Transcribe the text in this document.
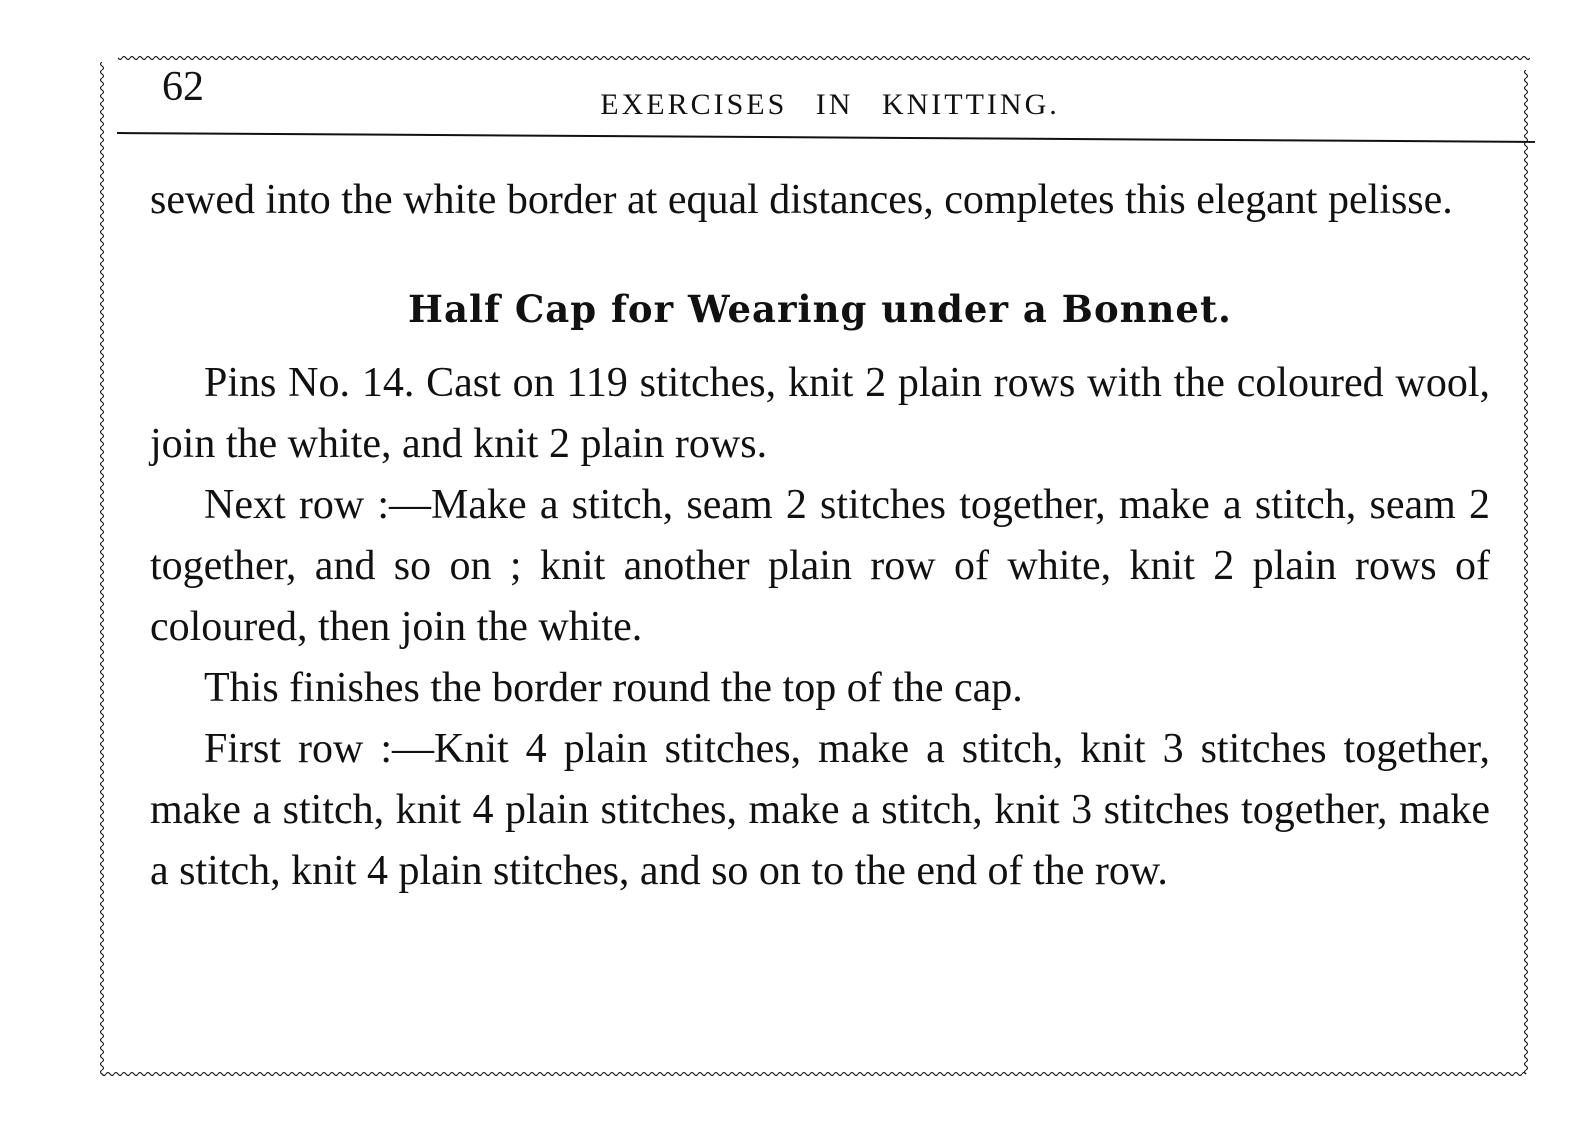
62	EXERCISES IN KNITTING.

sewed into the white border at equal distances, completes this elegant pelisse.

Half Cap for Wearing under a Bonnet.

Pins No. 14. Cast on 119 stitches, knit 2 plain rows with the coloured wool, join the white, and knit 2 plain rows.

Next row :—Make a stitch, seam 2 stitches together, make a stitch, seam 2 together, and so on ; knit another plain row of white, knit 2 plain rows of coloured, then join the white.

This finishes the border round the top of the cap.

First row :—Knit 4 plain stitches, make a stitch, knit 3 stitches together, make a stitch, knit 4 plain stitches, make a stitch, knit 3 stitches together, make a stitch, knit 4 plain stitches, and so on to the end of the row.
